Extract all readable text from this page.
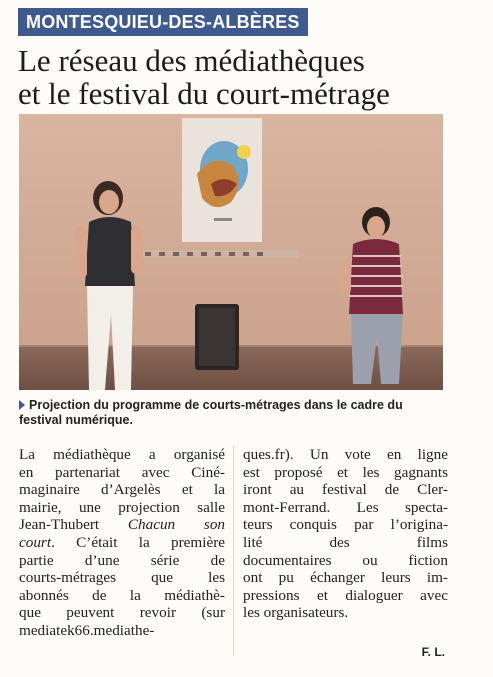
MONTESQUIEU-DES-ALBÈRES
Le réseau des médiathèques
et le festival du court-métrage
Projection du programme de courts-métrages dans le cadre du festival numérique.
La médiathèque a organisé
en partenariat avec Ciné-
maginaire d’Argelès et la
mairie, une projection salle
Jean-Thubert Chacun son
court. C’était la première
partie d’une série de
courts-métrages que les
abonnés de la médiathè-
que peuvent revoir (sur
mediatek66.mediathe-
ques.fr). Un vote en ligne
est proposé et les gagnants
iront au festival de Cler-
mont-Ferrand. Les specta-
teurs conquis par l’origina-
lité des films
documentaires ou fiction
ont pu échanger leurs im-
pressions et dialoguer avec
les organisateurs.
F. L.
